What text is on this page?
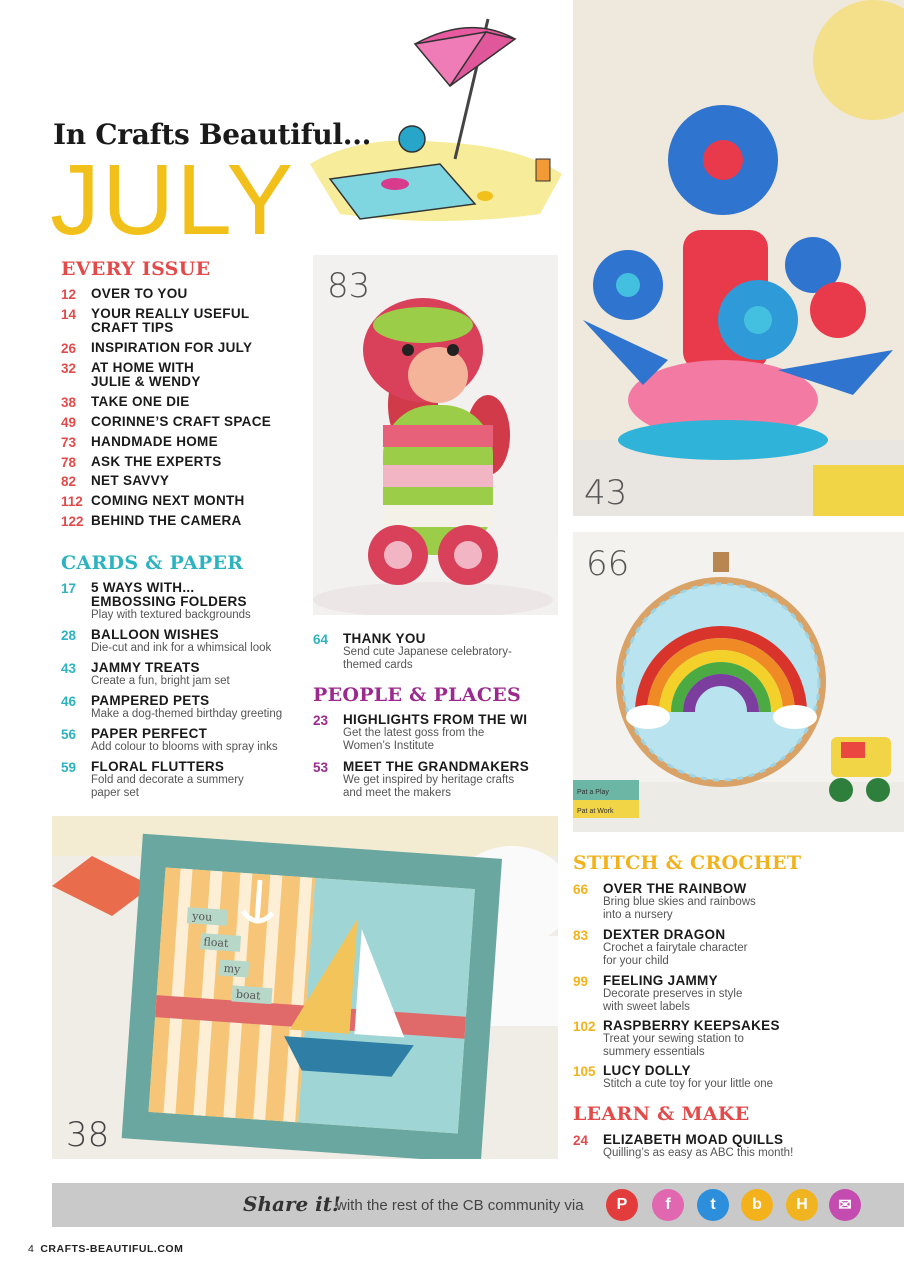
In Crafts Beautiful...
JULY
EVERY ISSUE
12	OVER TO YOU
14	YOUR REALLY USEFUL
CRAFT TIPS
26	INSPIRATION FOR JULY
32	AT HOME WITH
JULIE & WENDY
38	TAKE ONE DIE
49	CORINNE’S CRAFT SPACE
73	HANDMADE HOME
78	ASK THE EXPERTS
82	NET SAVVY
112 COMING NEXT MONTH
122 BEHIND THE CAMERA
CARDS & PAPER
17	5 WAYS WITH...
EMBOSSING FOLDERS
Play with textured backgrounds
28	BALLOON WISHES
Die-cut and ink for a whimsical look
43	JAMMY TREATS
Create a fun, bright jam set
46	PAMPERED PETS
Make a dog-themed birthday greeting
56	PAPER PERFECT
Add colour to blooms with spray inks
59	FLORAL FLUTTERS
Fold and decorate a summery
paper set
64	THANK YOU
Send cute Japanese celebratory-
themed cards
PEOPLE & PLACES
23	HIGHLIGHTS FROM THE WI
Get the latest goss from the
Women’s Institute
53	MEET THE GRANDMAKERS
We get inspired by heritage crafts
and meet the makers
STITCH & CROCHET
66	OVER THE RAINBOW
Bring blue skies and rainbows
into a nursery
83	DEXTER DRAGON
Crochet a fairytale character
for your child
99	FEELING JAMMY
Decorate preserves in style
with sweet labels
102 RASPBERRY KEEPSAKES
Treat your sewing station to
summery essentials
105 LUCY DOLLY
Stitch a cute toy for your little one
LEARN & MAKE
24	ELIZABETH MOAD QUILLS
Quilling’s as easy as ABC this month!
83
43
Pat a Play
Pat at Work
66
you
float
my
boat
38
Share it!
with the rest of the CB community via	P	f	t	b	H	✉
4 CRAFTS-BEAUTIFUL.COM
